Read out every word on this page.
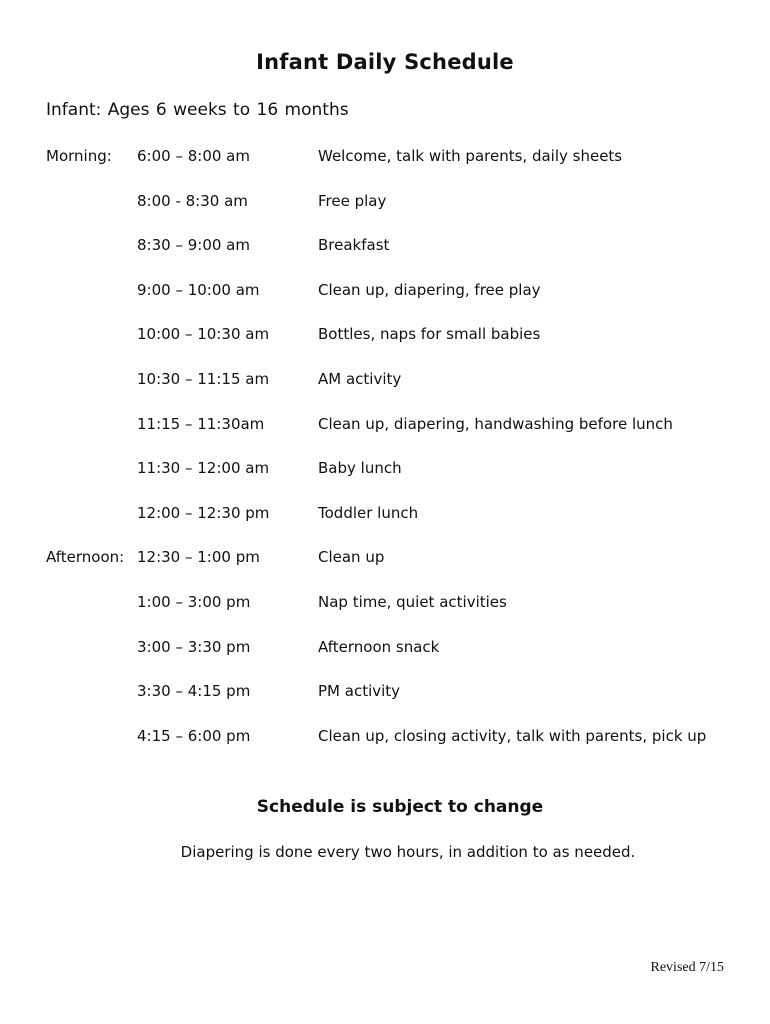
Infant Daily Schedule
Infant: Ages 6 weeks to 16 months
Morning: 6:00 – 8:00 am	Welcome, talk with parents, daily sheets
8:00 - 8:30 am	Free play
8:30 – 9:00 am	Breakfast
9:00 – 10:00 am	Clean up, diapering, free play
10:00 – 10:30 am	Bottles, naps for small babies
10:30 – 11:15 am	AM activity
11:15 – 11:30am	Clean up, diapering, handwashing before lunch
11:30 – 12:00 am	Baby lunch
12:00 – 12:30 pm	Toddler lunch
Afternoon: 12:30 – 1:00 pm	Clean up
1:00 – 3:00 pm	Nap time, quiet activities
3:00 – 3:30 pm	Afternoon snack
3:30 – 4:15 pm	PM activity
4:15 – 6:00 pm	Clean up, closing activity, talk with parents, pick up
Schedule is subject to change
Diapering is done every two hours, in addition to as needed.
Revised 7/15
